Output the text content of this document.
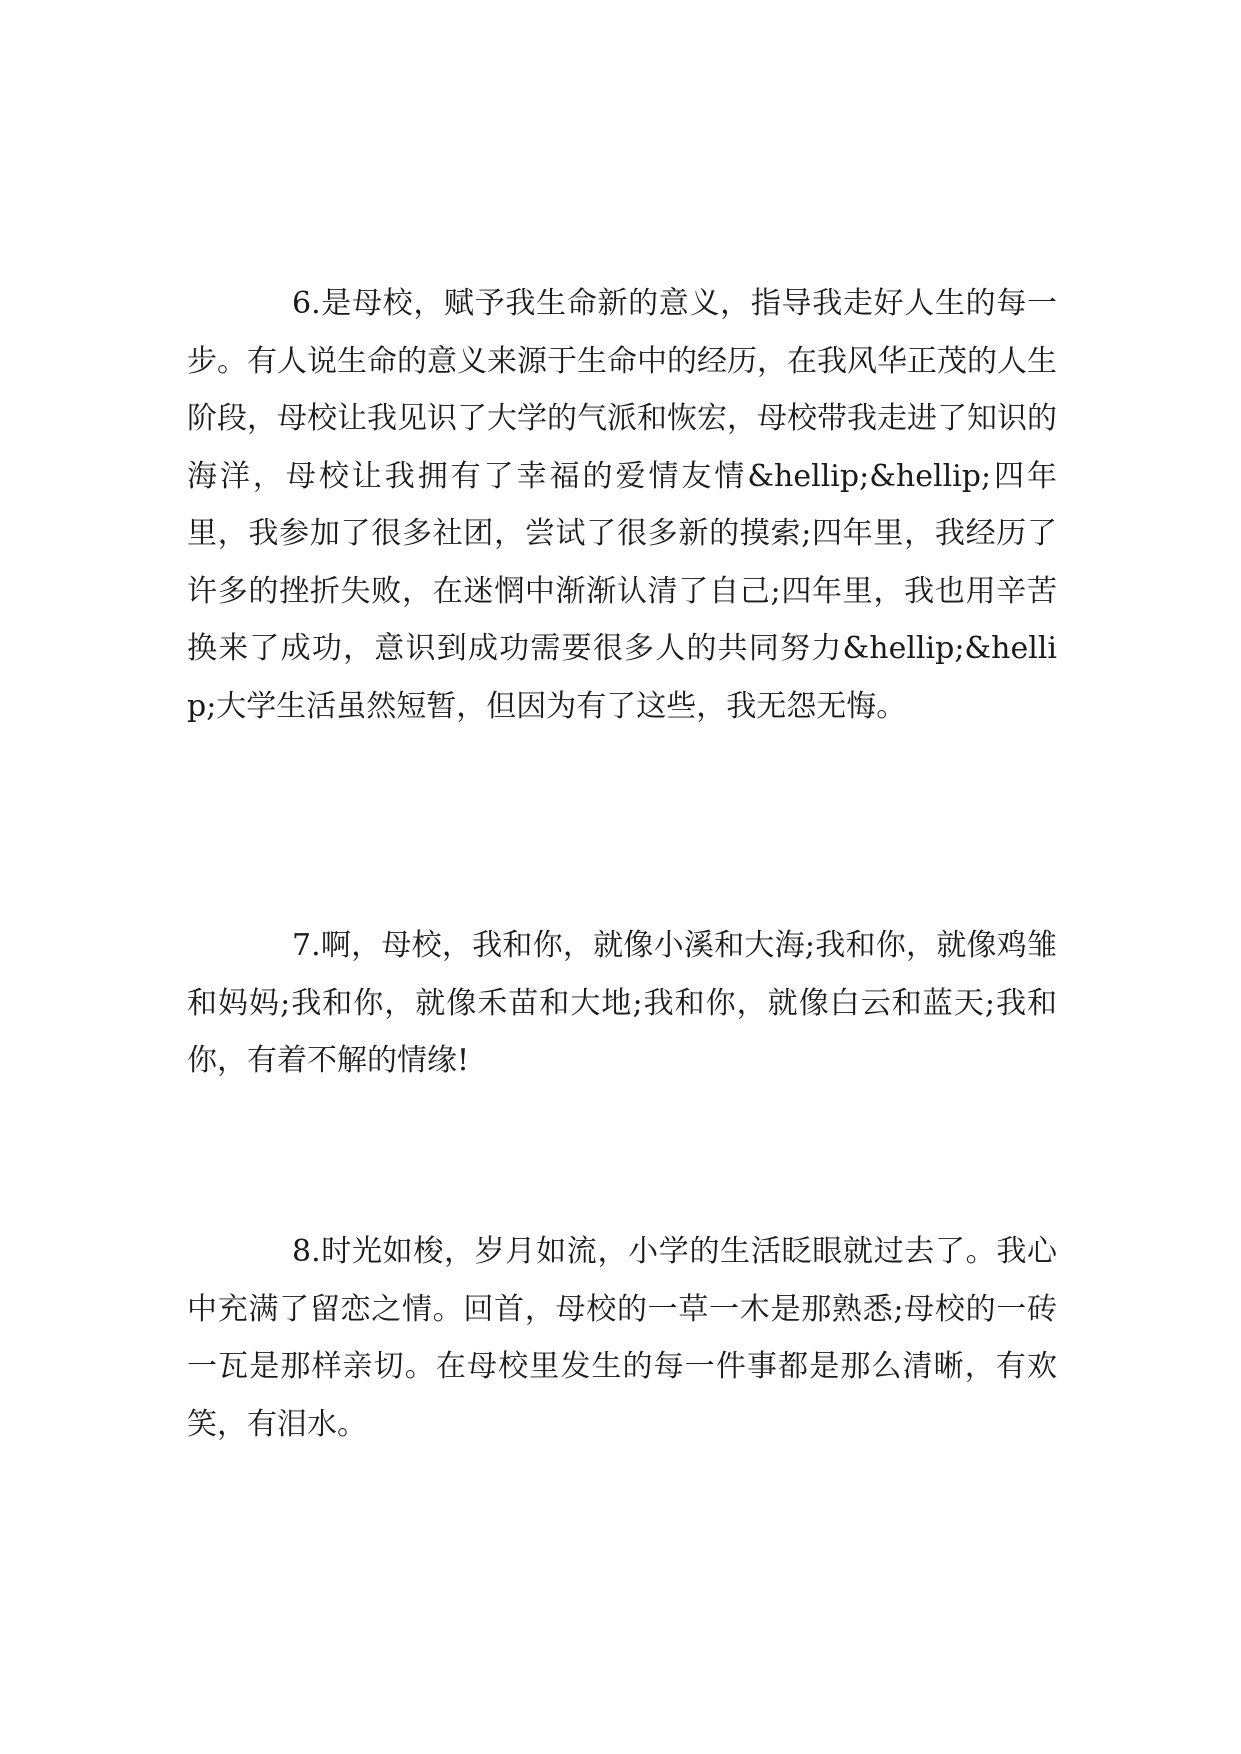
6.是母校，赋予我生命新的意义，指导我走好人生的每一步。有人说生命的意义来源于生命中的经历，在我风华正茂的人生阶段，母校让我见识了大学的气派和恢宏，母校带我走进了知识的海洋，母校让我拥有了幸福的爱情友情&hellip;&hellip;四年里，我参加了很多社团，尝试了很多新的摸索;四年里，我经历了许多的挫折失败，在迷惘中渐渐认清了自己;四年里，我也用辛苦换来了成功，意识到成功需要很多人的共同努力&hellip;&hellip;大学生活虽然短暂，但因为有了这些，我无怨无悔。

7.啊，母校，我和你，就像小溪和大海;我和你，就像鸡雏和妈妈;我和你，就像禾苗和大地;我和你，就像白云和蓝天;我和你，有着不解的情缘!

8.时光如梭，岁月如流，小学的生活眨眼就过去了。我心中充满了留恋之情。回首，母校的一草一木是那熟悉;母校的一砖一瓦是那样亲切。在母校里发生的每一件事都是那么清晰，有欢笑，有泪水。
